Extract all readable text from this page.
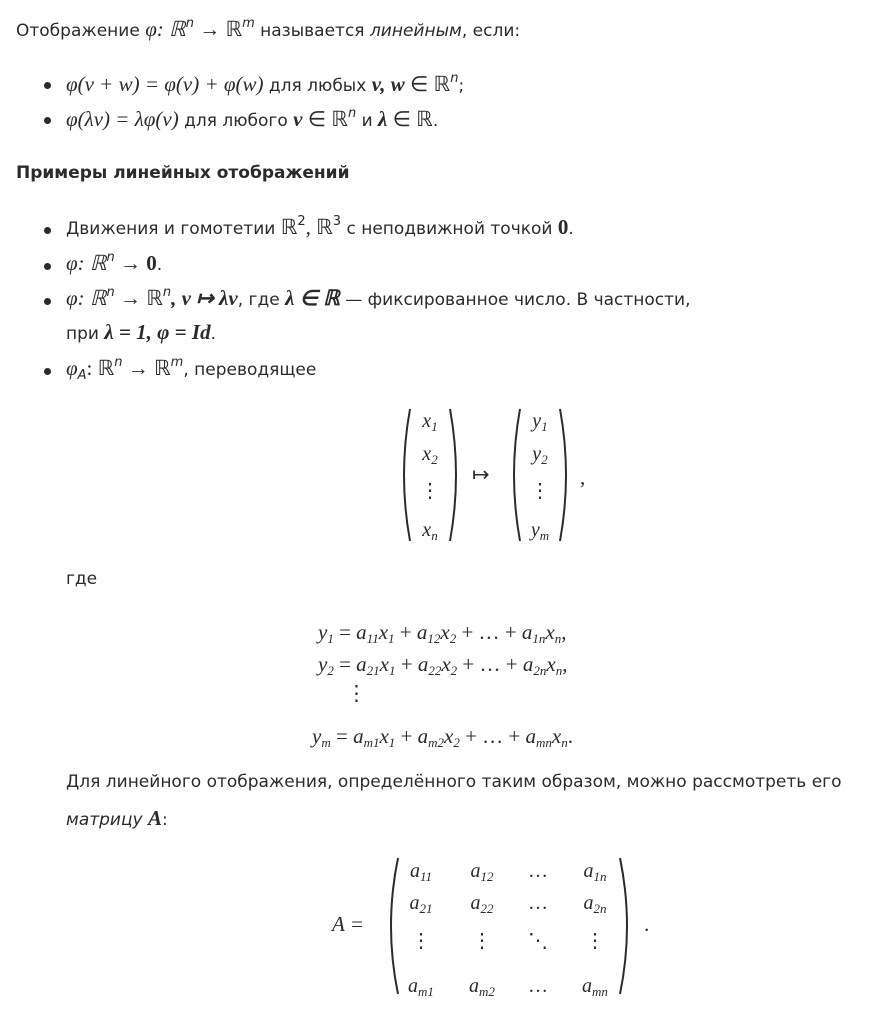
Отображение φ: ℝ$^n$ → ℝ$^m$ называется линейным, если:
φ(v + w) = φ(v) + φ(w) для любых v, w ∈ ℝ$^n$;
φ(λv) = λφ(v) для любого v ∈ ℝ$^n$ и λ ∈ ℝ.
Примеры линейных отображений
Движения и гомотетии ℝ$^2$, ℝ$^3$ с неподвижной точкой 0.
φ: ℝ$^n$ → 0.
φ: ℝ$^n$ → ℝ$^n$, v ↦ λv, где λ ∈ ℝ — фиксированное число. В частности,
при λ = 1, φ = Id.
$\varphi_A$: ℝ$^n$ → ℝ$^m$, переводящее
$x_1$
$x_2$
⋮
$x_n$
↦
$y_1$
$y_2$
⋮
$y_m$
,
где
$y_1 = a_{11}x_1 + a_{12}x_2$ + … + $a_{1n}x_n$,
$y_2 = a_{21}x_1 + a_{22}x_2$ + … + $a_{2n}x_n$,
⋮
$y_m = a_{m1}x_1 + a_{m2}x_2$ + … + $a_{mn}x_n$.
Для линейного отображения, определённого таким образом, можно рассмотреть его
матрицу A:
A =
$a_{11}$	$a_{12}$	…	$a_{1n}$
$a_{21}$	$a_{22}$	…	$a_{2n}$
⋮	⋮	⋱	⋮
$a_{m1}$	$a_{m2}$	…	$a_{mn}$
.
